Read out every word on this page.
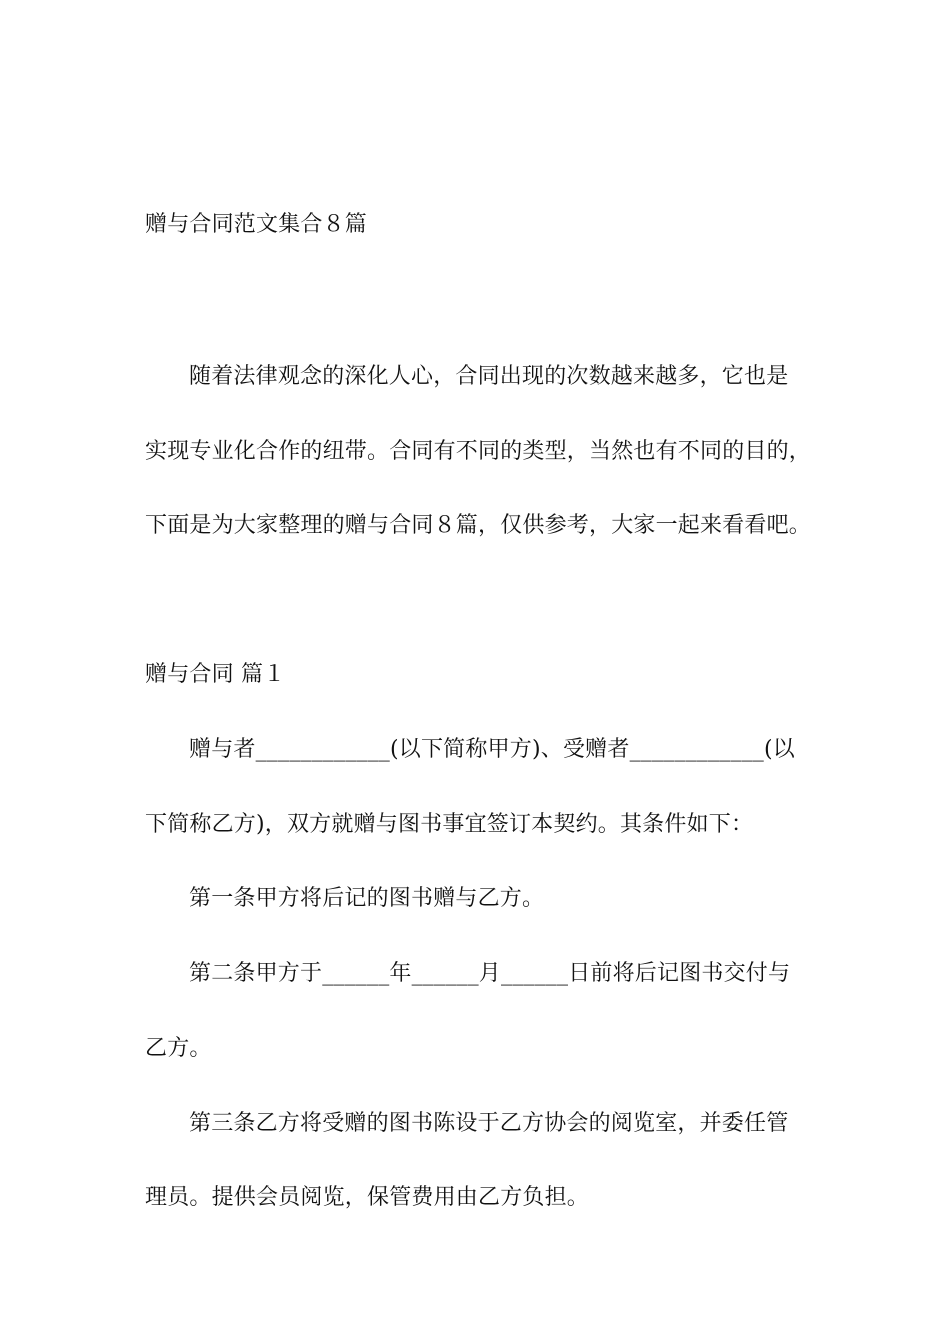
赠与合同范文集合８篇
随着法律观念的深化人心，合同出现的次数越来越多，它也是
实现专业化合作的纽带。合同有不同的类型，当然也有不同的目的，
下面是为大家整理的赠与合同８篇，仅供参考，大家一起来看看吧。
赠与合同 篇１
赠与者____________(以下简称甲方)、受赠者____________(以
下简称乙方)，双方就赠与图书事宜签订本契约。其条件如下：
第一条甲方将后记的图书赠与乙方。
第二条甲方于______年______月______日前将后记图书交付与
乙方。
第三条乙方将受赠的图书陈设于乙方协会的阅览室，并委任管
理员。提供会员阅览，保管费用由乙方负担。
